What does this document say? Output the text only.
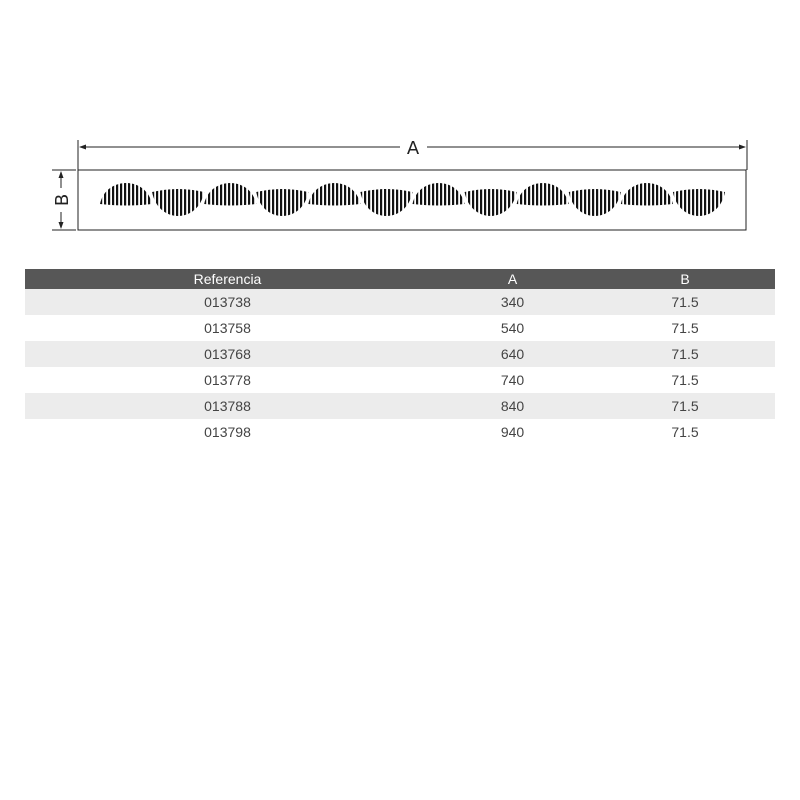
A
B
Referencia	A	B
013738	340	71.5
013758	540	71.5
013768	640	71.5
013778	740	71.5
013788	840	71.5
013798	940	71.5
